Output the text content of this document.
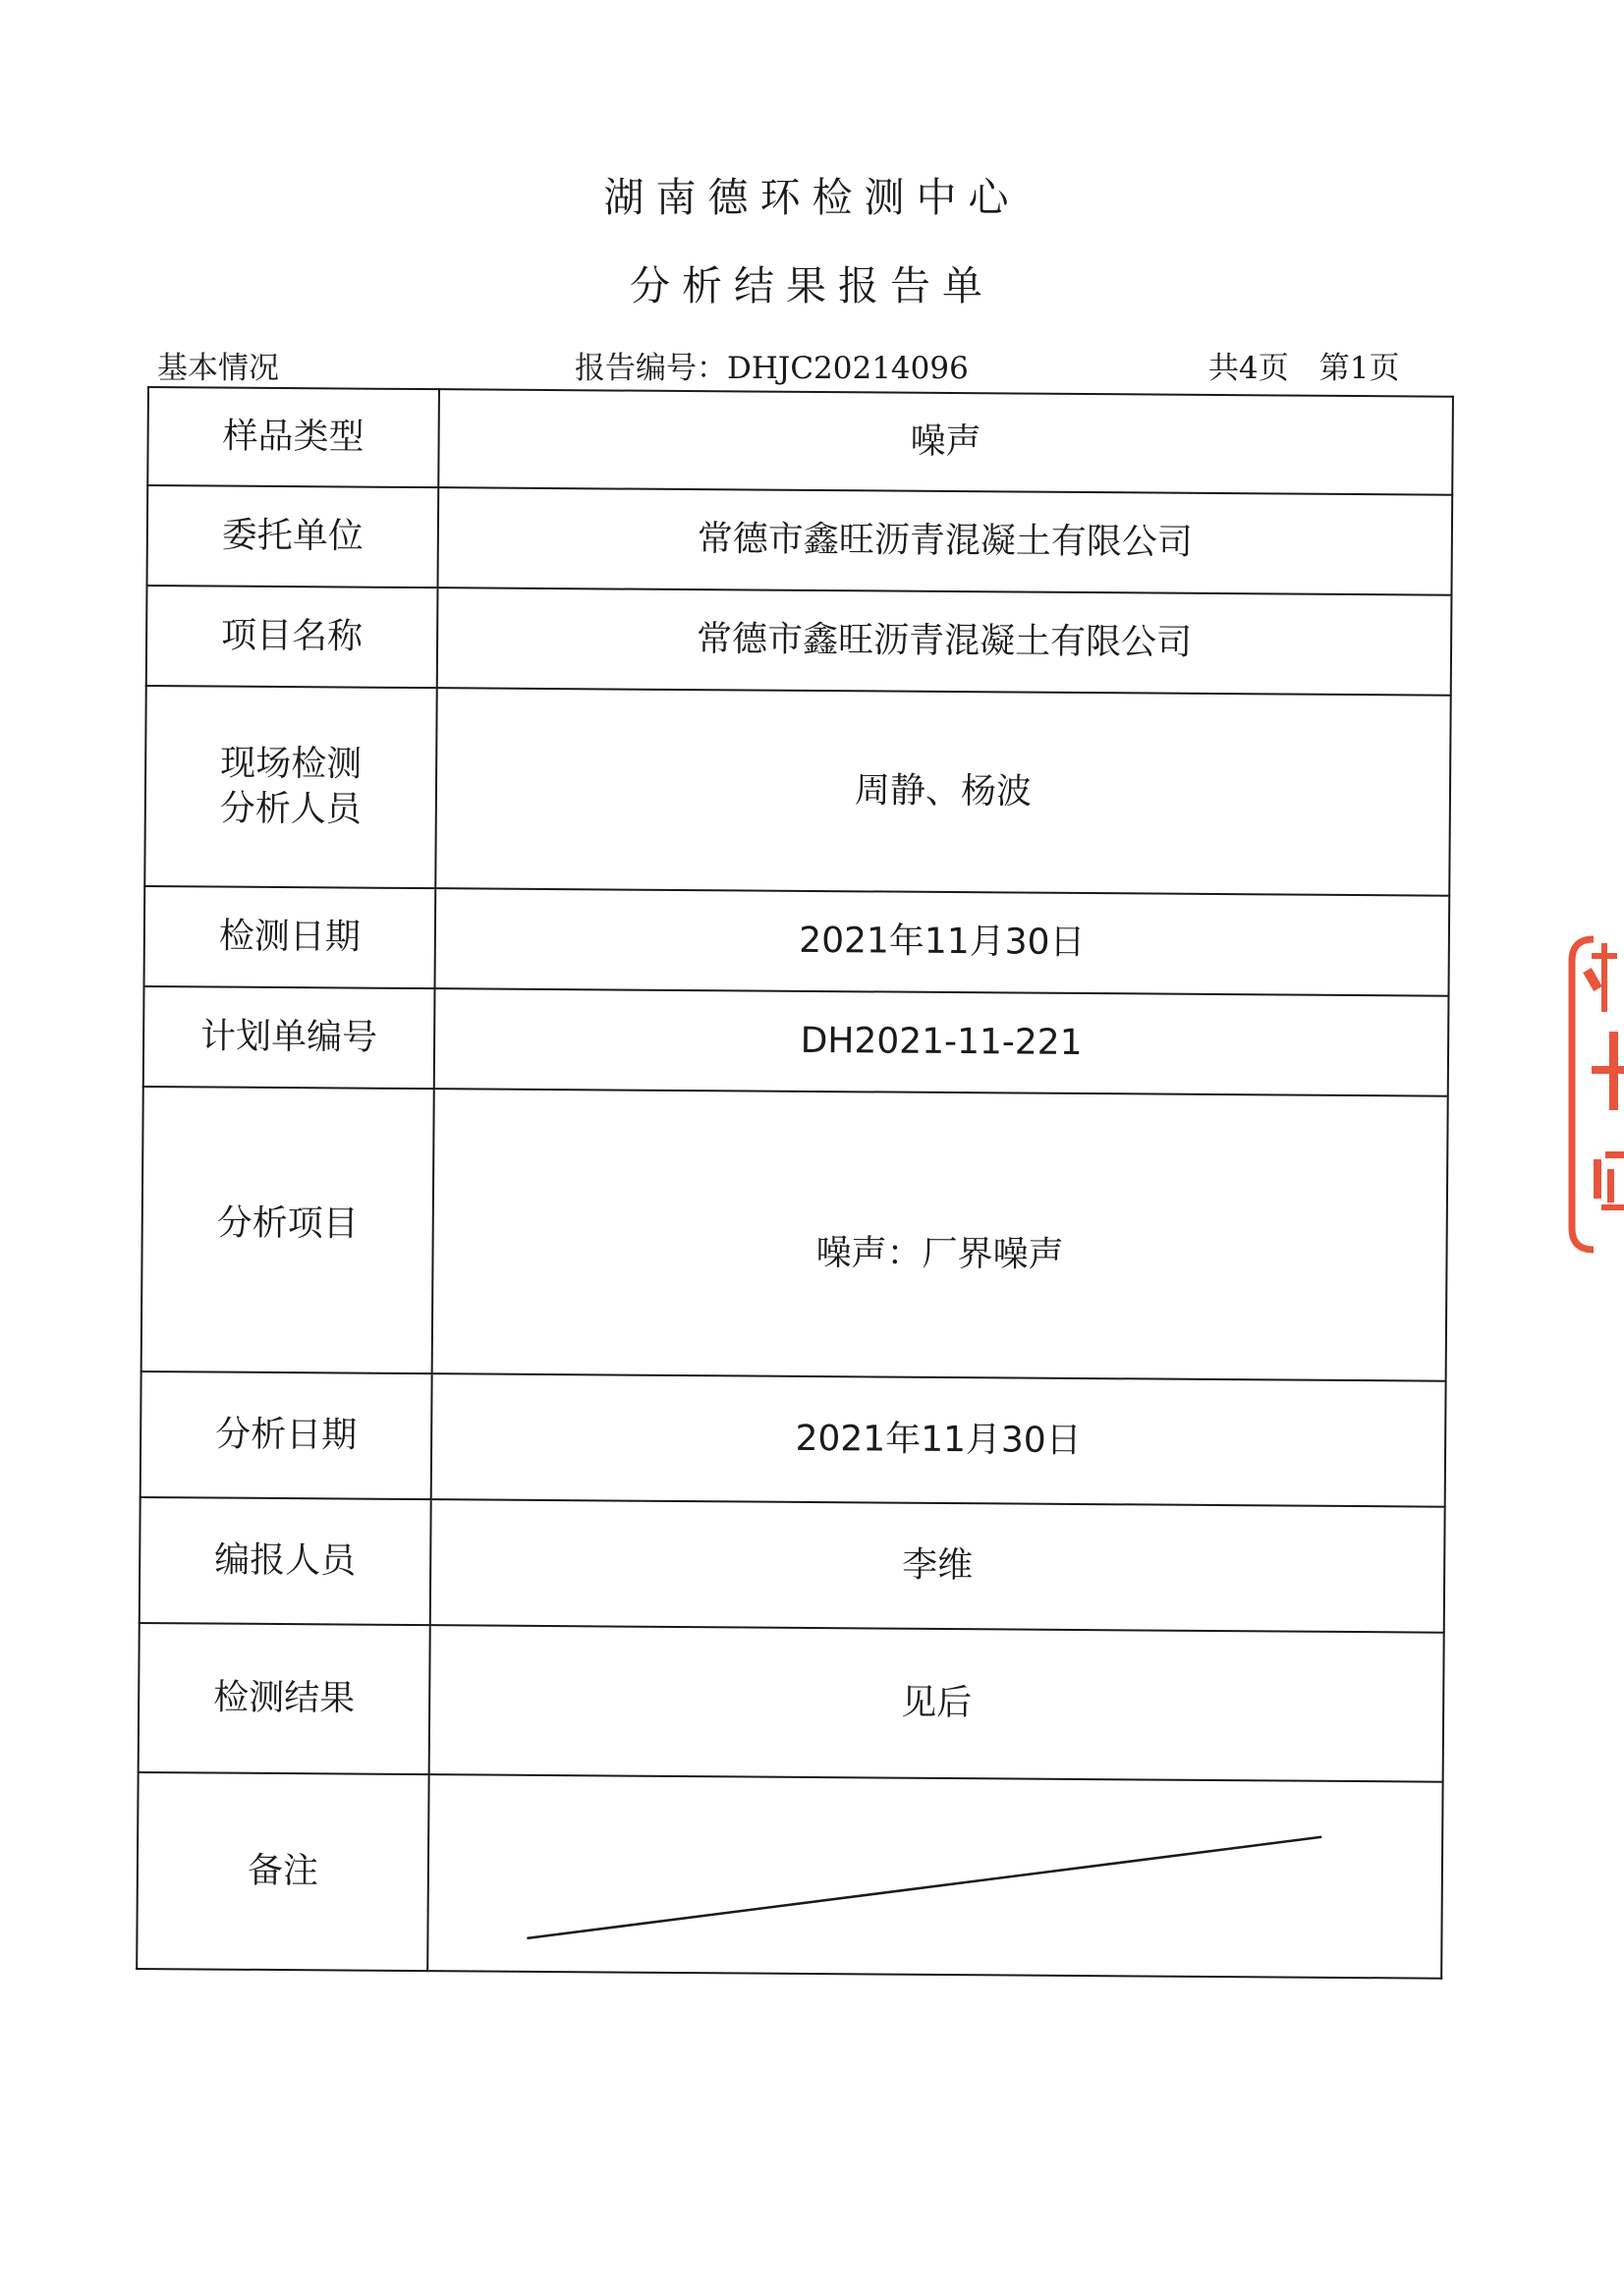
湖南德环检测中心
分析结果报告单
基本情况	报告编号：DHJC20214096	共4页　第1页
样品类型	噪声
委托单位	常德市鑫旺沥青混凝土有限公司
项目名称	常德市鑫旺沥青混凝土有限公司

现场检测
分析人员	周静、杨波
检测日期	2021年11月30日
计划单编号	DH2021-11-221
分析项目	噪声：厂界噪声
分析日期	2021年11月30日
编报人员	李维
检测结果	见后
备注	
